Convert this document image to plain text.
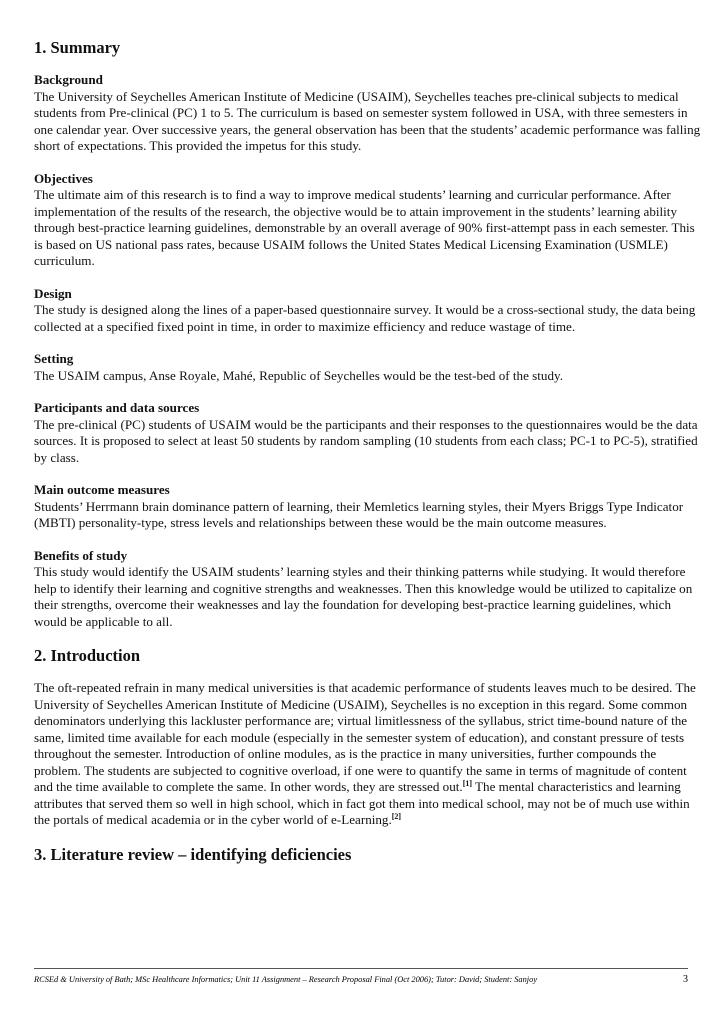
1. Summary
Background

The University of Seychelles American Institute of Medicine (USAIM), Seychelles teaches pre-clinical subjects to medical students from Pre-clinical (PC) 1 to 5. The curriculum is based on semester system followed in USA, with three semesters in one calendar year. Over successive years, the general observation has been that the students’ academic performance was falling short of expectations. This provided the impetus for this study.

Objectives

The ultimate aim of this research is to find a way to improve medical students’ learning and curricular performance. After implementation of the results of the research, the objective would be to attain improvement in the students’ learning ability through best-practice learning guidelines, demonstrable by an overall average of 90% first-attempt pass in each semester. This is based on US national pass rates, because USAIM follows the United States Medical Licensing Examination (USMLE) curriculum.

Design

The study is designed along the lines of a paper-based questionnaire survey. It would be a cross-sectional study, the data being collected at a specified fixed point in time, in order to maximize efficiency and reduce wastage of time.

Setting

The USAIM campus, Anse Royale, Mahé, Republic of Seychelles would be the test-bed of the study.

Participants and data sources

The pre-clinical (PC) students of USAIM would be the participants and their responses to the questionnaires would be the data sources. It is proposed to select at least 50 students by random sampling (10 students from each class; PC-1 to PC-5), stratified by class.

Main outcome measures

Students’ Herrmann brain dominance pattern of learning, their Memletics learning styles, their Myers Briggs Type Indicator (MBTI) personality-type, stress levels and relationships between these would be the main outcome measures.

Benefits of study

This study would identify the USAIM students’ learning styles and their thinking patterns while studying. It would therefore help to identify their learning and cognitive strengths and weaknesses. Then this knowledge would be utilized to capitalize on their strengths, overcome their weaknesses and lay the foundation for developing best-practice learning guidelines, which would be applicable to all.

2. Introduction

The oft-repeated refrain in many medical universities is that academic performance of students leaves much to be desired. The University of Seychelles American Institute of Medicine (USAIM), Seychelles is no exception in this regard. Some common denominators underlying this lackluster performance are; virtual limitlessness of the syllabus, strict time-bound nature of the same, limited time available for each module (especially in the semester system of education), and constant pressure of tests throughout the semester. Introduction of online modules, as is the practice in many universities, further compounds the problem. The students are subjected to cognitive overload, if one were to quantify the same in terms of magnitude of content and the time available to complete the same. In other words, they are stressed out.[1] The mental characteristics and learning attributes that served them so well in high school, which in fact got them into medical school, may not be of much use within the portals of medical academia or in the cyber world of e-Learning.[2]

3. Literature review – identifying deficiencies
RCSEd & University of Bath; MSc Healthcare Informatics; Unit 11 Assignment – Research Proposal Final (Oct 2006); Tutor: David; Student: Sanjoy	3
